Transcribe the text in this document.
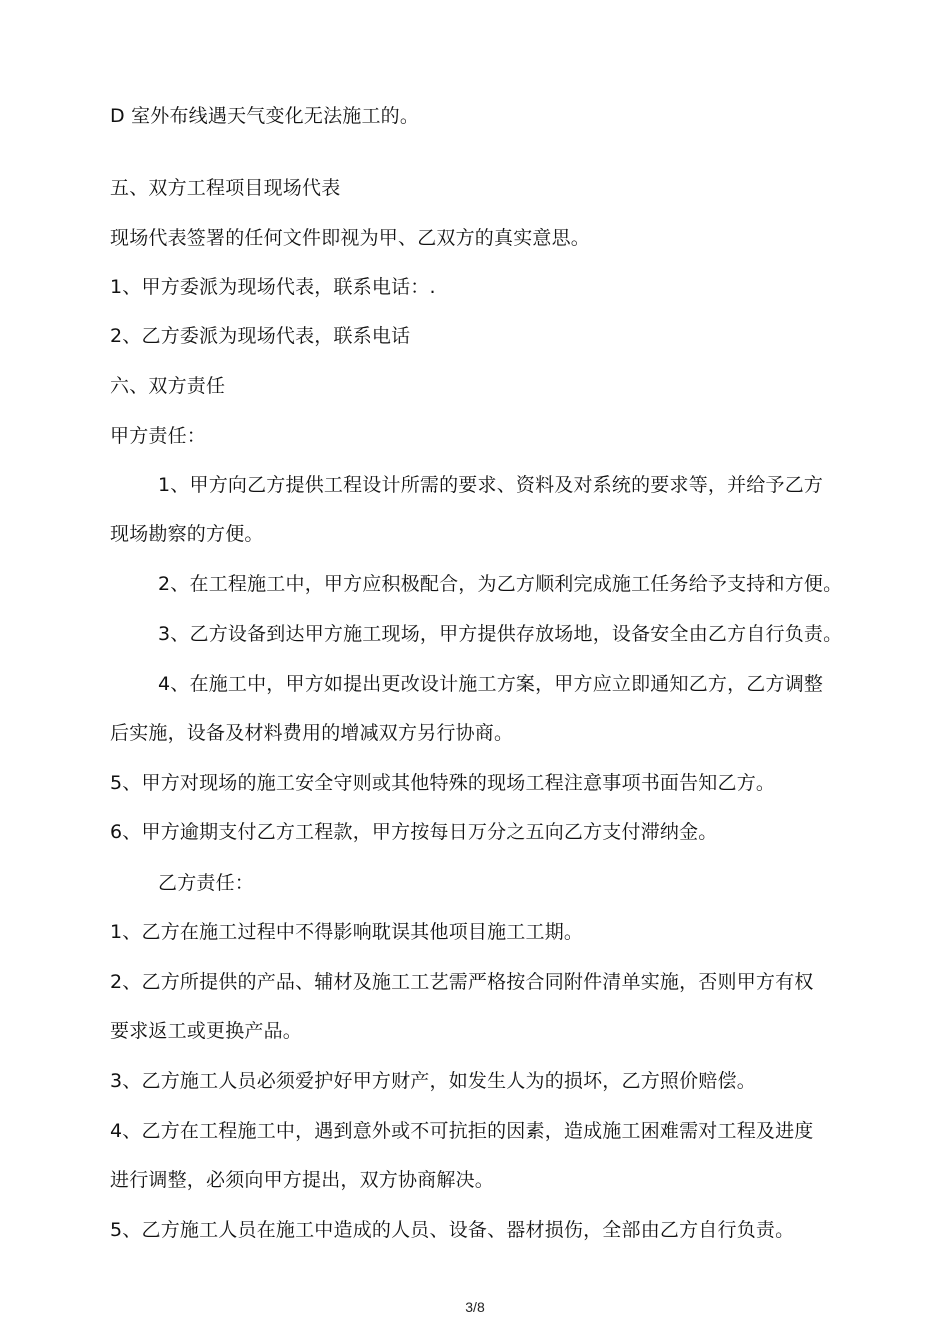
D 室外布线遇天气变化无法施工的。
五、双方工程项目现场代表
现场代表签署的任何文件即视为甲、乙双方的真实意思。
1、甲方委派为现场代表，联系电话：.
2、乙方委派为现场代表，联系电话
六、双方责任
甲方责任：
1、甲方向乙方提供工程设计所需的要求、资料及对系统的要求等，并给予乙方
现场勘察的方便。
2、在工程施工中，甲方应积极配合，为乙方顺利完成施工任务给予支持和方便。
3、乙方设备到达甲方施工现场，甲方提供存放场地，设备安全由乙方自行负责。
4、在施工中，甲方如提出更改设计施工方案，甲方应立即通知乙方，乙方调整
后实施，设备及材料费用的增减双方另行协商。
5、甲方对现场的施工安全守则或其他特殊的现场工程注意事项书面告知乙方。
6、甲方逾期支付乙方工程款，甲方按每日万分之五向乙方支付滞纳金。
乙方责任：
1、乙方在施工过程中不得影响耽误其他项目施工工期。
2、乙方所提供的产品、辅材及施工工艺需严格按合同附件清单实施，否则甲方有权
要求返工或更换产品。
3、乙方施工人员必须爱护好甲方财产，如发生人为的损坏，乙方照价赔偿。
4、乙方在工程施工中，遇到意外或不可抗拒的因素，造成施工困难需对工程及进度
进行调整，必须向甲方提出，双方协商解决。
5、乙方施工人员在施工中造成的人员、设备、器材损伤，全部由乙方自行负责。
3/8
